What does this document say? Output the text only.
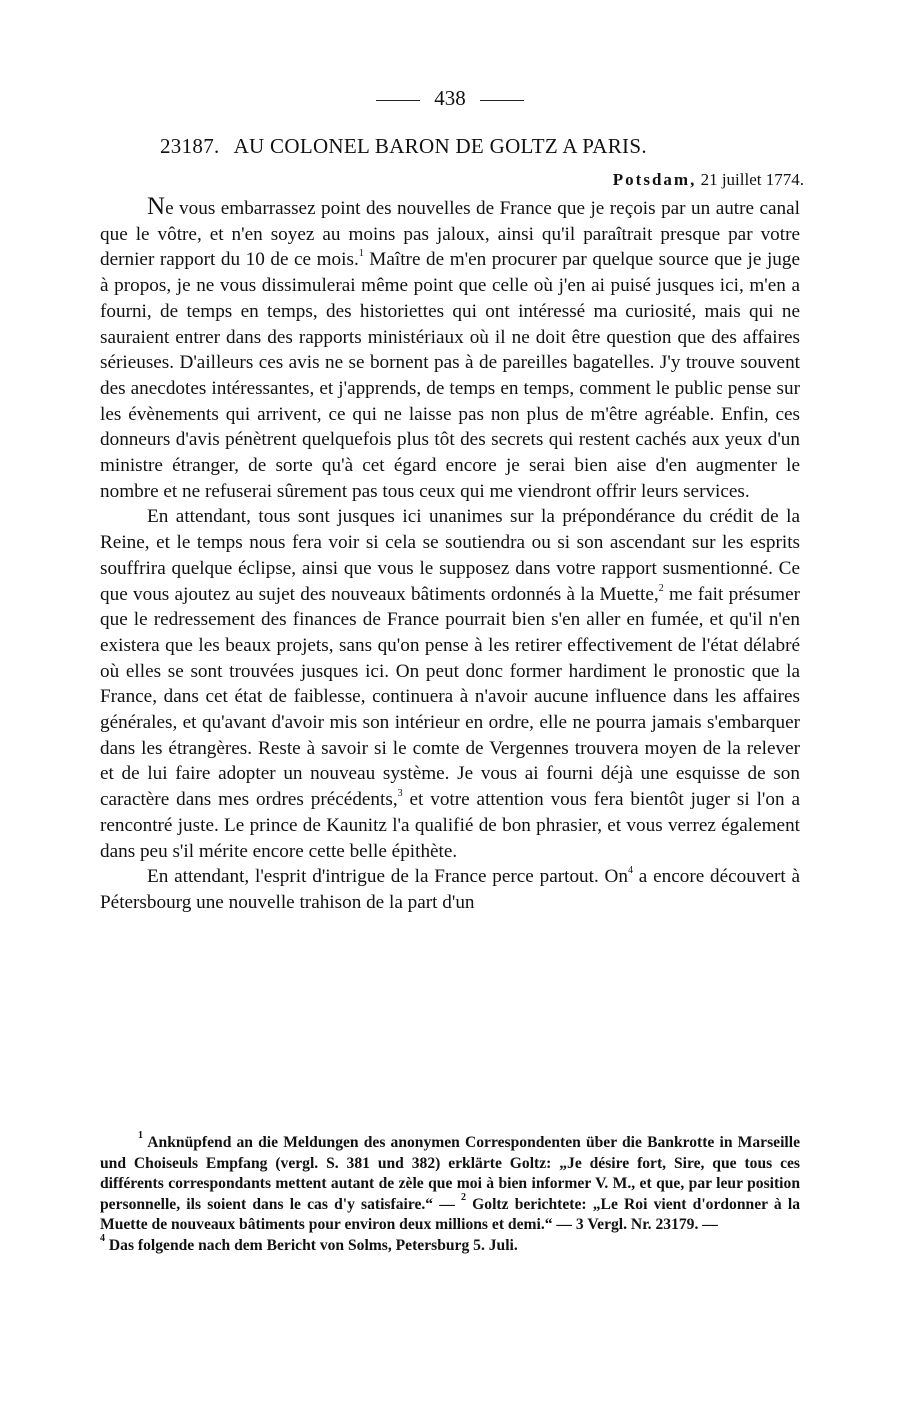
438
23187. AU COLONEL BARON DE GOLTZ A PARIS.
Potsdam, 21 juillet 1774.

Ne vous embarrassez point des nouvelles de France que je reçois par un autre canal que le vôtre, et n'en soyez au moins pas jaloux, ainsi qu'il paraîtrait presque par votre dernier rapport du 10 de ce mois.$^1$ Maître de m'en procurer par quelque source que je juge à propos, je ne vous dissimulerai même point que celle où j'en ai puisé jusques ici, m'en a fourni, de temps en temps, des historiettes qui ont intéressé ma curiosité, mais qui ne sauraient entrer dans des rapports ministériaux où il ne doit être question que des affaires sérieuses. D'ailleurs ces avis ne se bornent pas à de pareilles bagatelles. J'y trouve souvent des anecdotes intéressantes, et j'apprends, de temps en temps, comment le public pense sur les évènements qui arrivent, ce qui ne laisse pas non plus de m'être agréable. Enfin, ces donneurs d'avis pénètrent quelquefois plus tôt des secrets qui restent cachés aux yeux d'un ministre étranger, de sorte qu'à cet égard encore je serai bien aise d'en augmenter le nombre et ne refuserai sûrement pas tous ceux qui me viendront offrir leurs services.

En attendant, tous sont jusques ici unanimes sur la prépondérance du crédit de la Reine, et le temps nous fera voir si cela se soutiendra ou si son ascendant sur les esprits souffrira quelque éclipse, ainsi que vous le supposez dans votre rapport susmentionné. Ce que vous ajoutez au sujet des nouveaux bâtiments ordonnés à la Muette,$^2$ me fait présumer que le redressement des finances de France pourrait bien s'en aller en fumée, et qu'il n'en existera que les beaux projets, sans qu'on pense à les retirer effectivement de l'état délabré où elles se sont trouvées jusques ici. On peut donc former hardiment le pronostic que la France, dans cet état de faiblesse, continuera à n'avoir aucune influence dans les affaires générales, et qu'avant d'avoir mis son intérieur en ordre, elle ne pourra jamais s'embarquer dans les étrangères. Reste à savoir si le comte de Vergennes trouvera moyen de la relever et de lui faire adopter un nouveau système. Je vous ai fourni déjà une esquisse de son caractère dans mes ordres précédents,$^3$ et votre attention vous fera bientôt juger si l'on a rencontré juste. Le prince de Kaunitz l'a qualifié de bon phrasier, et vous verrez également dans peu s'il mérite encore cette belle épithète.

En attendant, l'esprit d'intrigue de la France perce partout. On$^4$ a encore découvert à Pétersbourg une nouvelle trahison de la part d'un

$^1$ Anknüpfend an die Meldungen des anonymen Correspondenten über die Bankrotte in Marseille und Choiseuls Empfang (vergl. S. 381 und 382) erklärte Goltz: „Je désire fort, Sire, que tous ces différents correspondants mettent autant de zèle que moi à bien informer V. M., et que, par leur position personnelle, ils soient dans le cas d'y satisfaire.“ — $^2$ Goltz berichtete: „Le Roi vient d'ordonner à la Muette de nouveaux bâtiments pour environ deux millions et demi.“ — 3 Vergl. Nr. 23179. —
$^4$ Das folgende nach dem Bericht von Solms, Petersburg 5. Juli.
